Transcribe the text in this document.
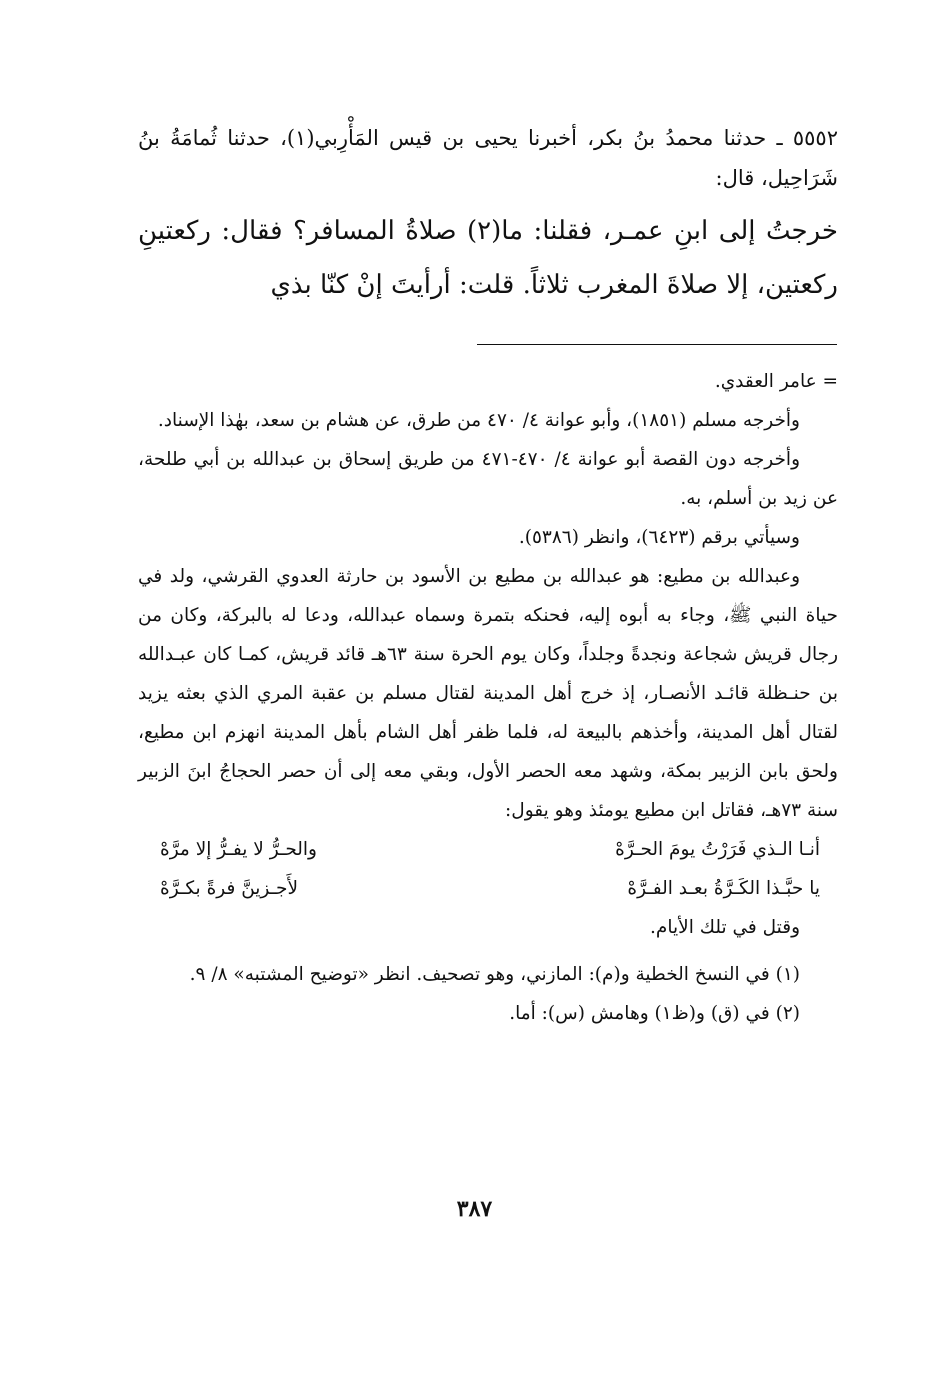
٥٥٥٢ ـ حدثنا محمدُ بنُ بكر، أخبرنا يحيى بن قيس المَأْرِبي(١)، حدثنا ثُمامَةُ بنُ شَرَاحِيل، قال:

خرجتُ إلى ابنِ عمـر، فقلنا: ما(٢) صلاةُ المسافر؟ فقال: ركعتينِ ركعتين، إلا صلاةَ المغرب ثلاثاً. قلت: أرأيتَ إنْ كنّا بذي

= عامر العقدي.

وأخرجه مسلم (١٨٥١)، وأبو عوانة ٤/ ٤٧٠ من طرق، عن هشام بن سعد، بهٰذا الإسناد.

وأخرجه دون القصة أبو عوانة ٤/ ٤٧٠-٤٧١ من طريق إسحاق بن عبدالله بن أبي طلحة، عن زيد بن أسلم، به.

وسيأتي برقم (٦٤٢٣)، وانظر (٥٣٨٦).

وعبدالله بن مطيع: هو عبدالله بن مطيع بن الأسود بن حارثة العدوي القرشي، ولد في حياة النبي ﷺ، وجاء به أبوه إليه، فحنكه بتمرة وسماه عبدالله، ودعا له بالبركة، وكان من رجال قريش شجاعة ونجدةً وجلداً، وكان يوم الحرة سنة ٦٣هـ قائد قريش، كمـا كان عبـدالله بن حنـظلة قائـد الأنصـار، إذ خرج أهل المدينة لقتال مسلم بن عقبة المري الذي بعثه يزيد لقتال أهل المدينة، وأخذهم بالبيعة له، فلما ظفر أهل الشام بأهل المدينة انهزم ابن مطيع، ولحق بابن الزبير بمكة، وشهد معه الحصر الأول، وبقي معه إلى أن حصر الحجاجُ ابنَ الزبير سنة ٧٣هـ، فقاتل ابن مطيع يومئذ وهو يقول:

أنـا الـذي فَرَرْتُ يومَ الحـرَّهْ
والحـرُّ لا يفـرُّ إلا مرَّهْ
يا حبَّـذا الكَـرَّةُ بعـد الفـرَّهْ
لأَجـزينَّ فرةً بكـرَّهْ

وقتل في تلك الأيام.

(١) في النسخ الخطية و(م): المازني، وهو تصحيف. انظر «توضيح المشتبه» ٨/ ٩.

(٢) في (ق) و(ظ١) وهامش (س): أما.

٣٨٧
